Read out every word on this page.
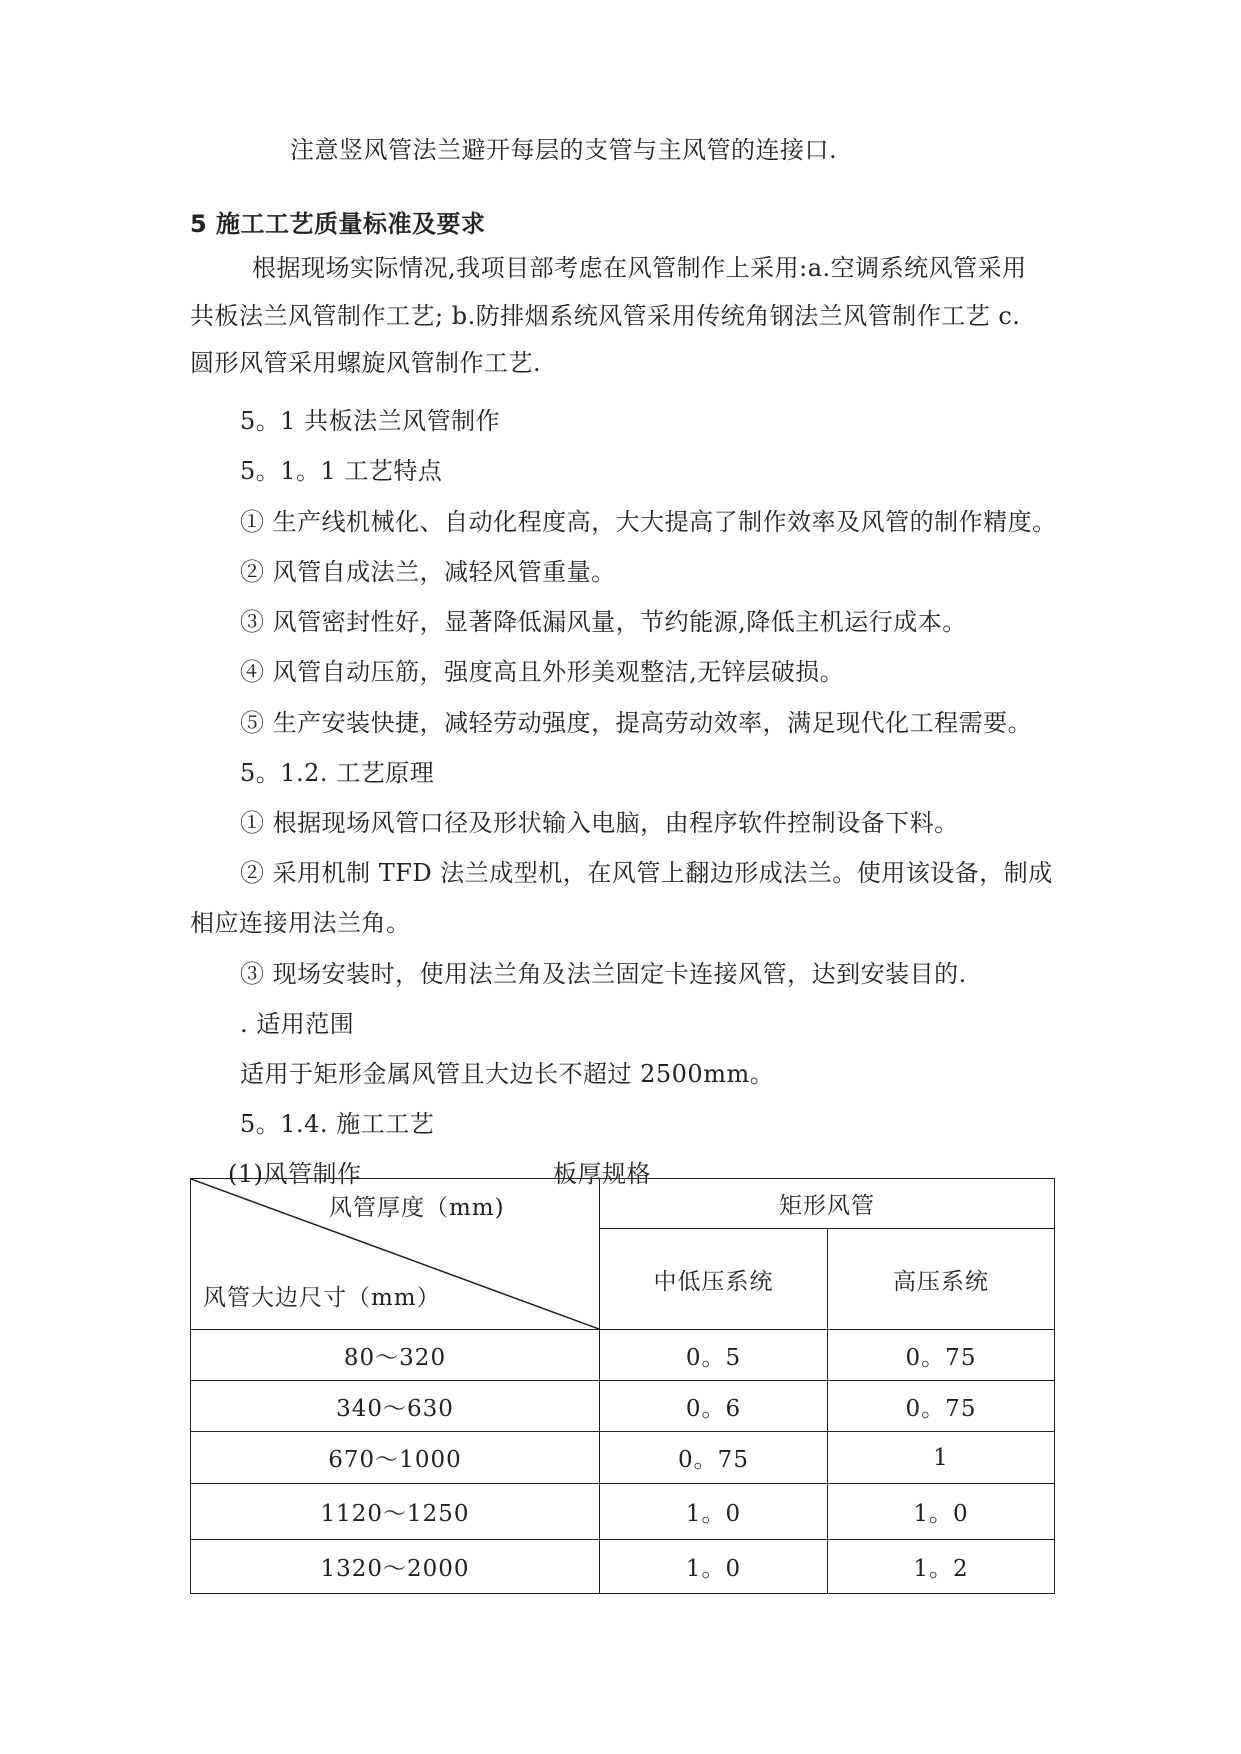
注意竖风管法兰避开每层的支管与主风管的连接口.
5 施工工艺质量标准及要求
根据现场实际情况,我项目部考虑在风管制作上采用:a.空调系统风管采用
共板法兰风管制作工艺; b.防排烟系统风管采用传统角钢法兰风管制作工艺 c.
圆形风管采用螺旋风管制作工艺.
5。1 共板法兰风管制作
5。1。1 工艺特点
① 生产线机械化、自动化程度高，大大提高了制作效率及风管的制作精度。
② 风管自成法兰，减轻风管重量。
③ 风管密封性好，显著降低漏风量，节约能源,降低主机运行成本。
④ 风管自动压筋，强度高且外形美观整洁,无锌层破损。
⑤ 生产安装快捷，减轻劳动强度，提高劳动效率，满足现代化工程需要。
5。1.2. 工艺原理
① 根据现场风管口径及形状输入电脑，由程序软件控制设备下料。
② 采用机制 TFD 法兰成型机，在风管上翻边形成法兰。使用该设备，制成
相应连接用法兰角。
③ 现场安装时，使用法兰角及法兰固定卡连接风管，达到安装目的.
. 适用范围
适用于矩形金属风管且大边长不超过 2500mm。
5。1.4. 施工工艺
(1)风管制作	板厚规格
风管厚度（mm)
风管大边尺寸（mm）	矩形风管	
	中低压系统	高压系统
80～320	0。5	0。75
340～630	0。6	0。75
670～1000	0。75	1
1120～1250	1。0	1。0
1320～2000	1。0	1。2
